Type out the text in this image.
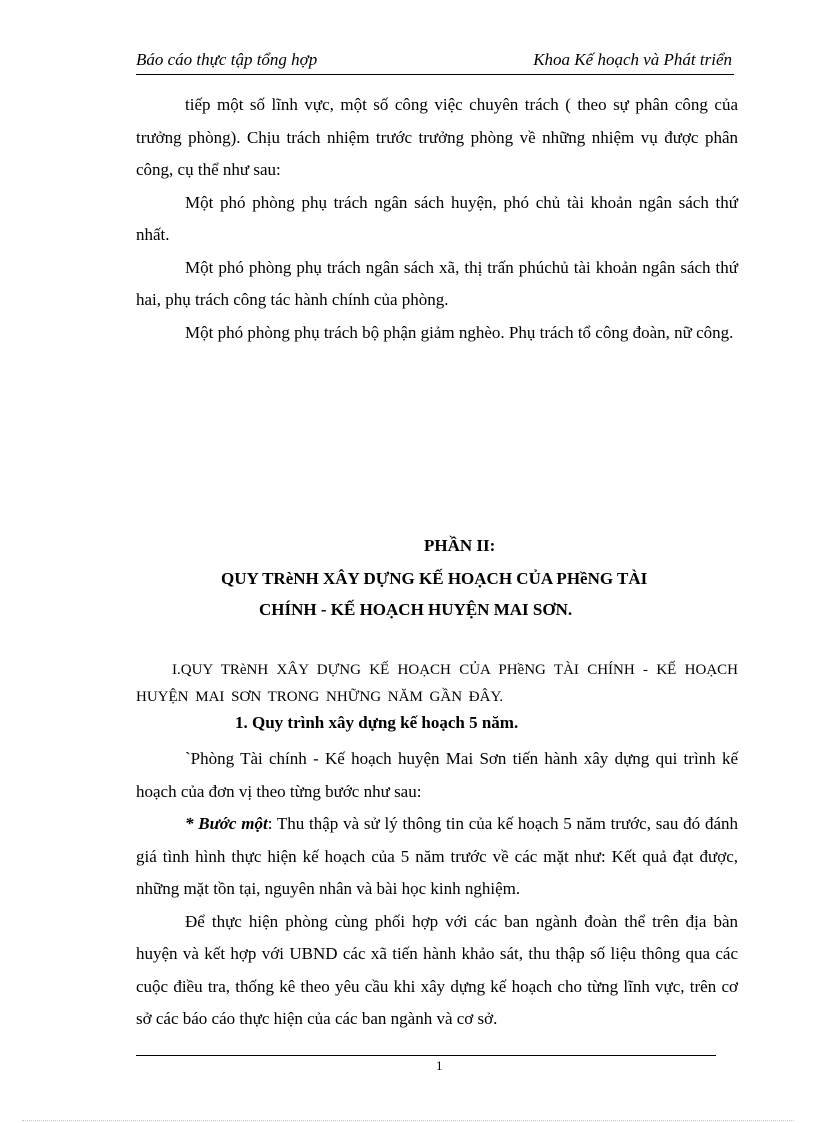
Báo cáo thực tập tổng hợp	Khoa Kế hoạch và Phát triển

tiếp một số lĩnh vực, một số công việc chuyên trách ( theo sự phân công của trưởng phòng). Chịu trách nhiệm trước trưởng phòng về những nhiệm vụ được phân công, cụ thể như sau:

Một phó phòng phụ trách ngân sách huyện, phó chủ tài khoản ngân sách thứ nhất.

Một phó phòng phụ trách ngân sách xã, thị trấn phúchủ tài khoản ngân sách thứ hai, phụ trách công tác hành chính của phòng.

Một phó phòng phụ trách bộ phận giảm nghèo. Phụ trách tổ công đoàn, nữ công.

PHẦN II:
QUY TRèNH XÂY DỰNG KẾ HOẠCH CỦA PHềNG TÀI
CHÍNH - KẾ HOẠCH HUYỆN MAI SƠN.
I.QUY TRèNH XÂY DỰNG KẾ HOẠCH CỦA PHềNG TÀI CHÍNH - KẾ HOẠCH HUYỆN MAI SƠN TRONG NHỮNG NĂM GẦN ĐÂY.
1. Quy trình xây dựng kế hoạch 5 năm.

`Phòng Tài chính - Kế hoạch huyện Mai Sơn tiến hành xây dựng qui trình kế hoạch của đơn vị theo từng bước như sau:

* Bước một: Thu thập và sử lý thông tin của kế hoạch 5 năm trước, sau đó đánh giá tình hình thực hiện kế hoạch của 5 năm trước về các mặt như: Kết quả đạt được, những mặt tồn tại, nguyên nhân và bài học kinh nghiệm.

Để thực hiện phòng cùng phối hợp với các ban ngành đoàn thể trên địa bàn huyện và kết hợp với UBND các xã tiến hành khảo sát, thu thập số liệu thông qua các cuộc điều tra, thống kê theo yêu cầu khi xây dựng kế hoạch cho từng lĩnh vực, trên cơ sở các báo cáo thực hiện của các ban ngành và cơ sở.

1
